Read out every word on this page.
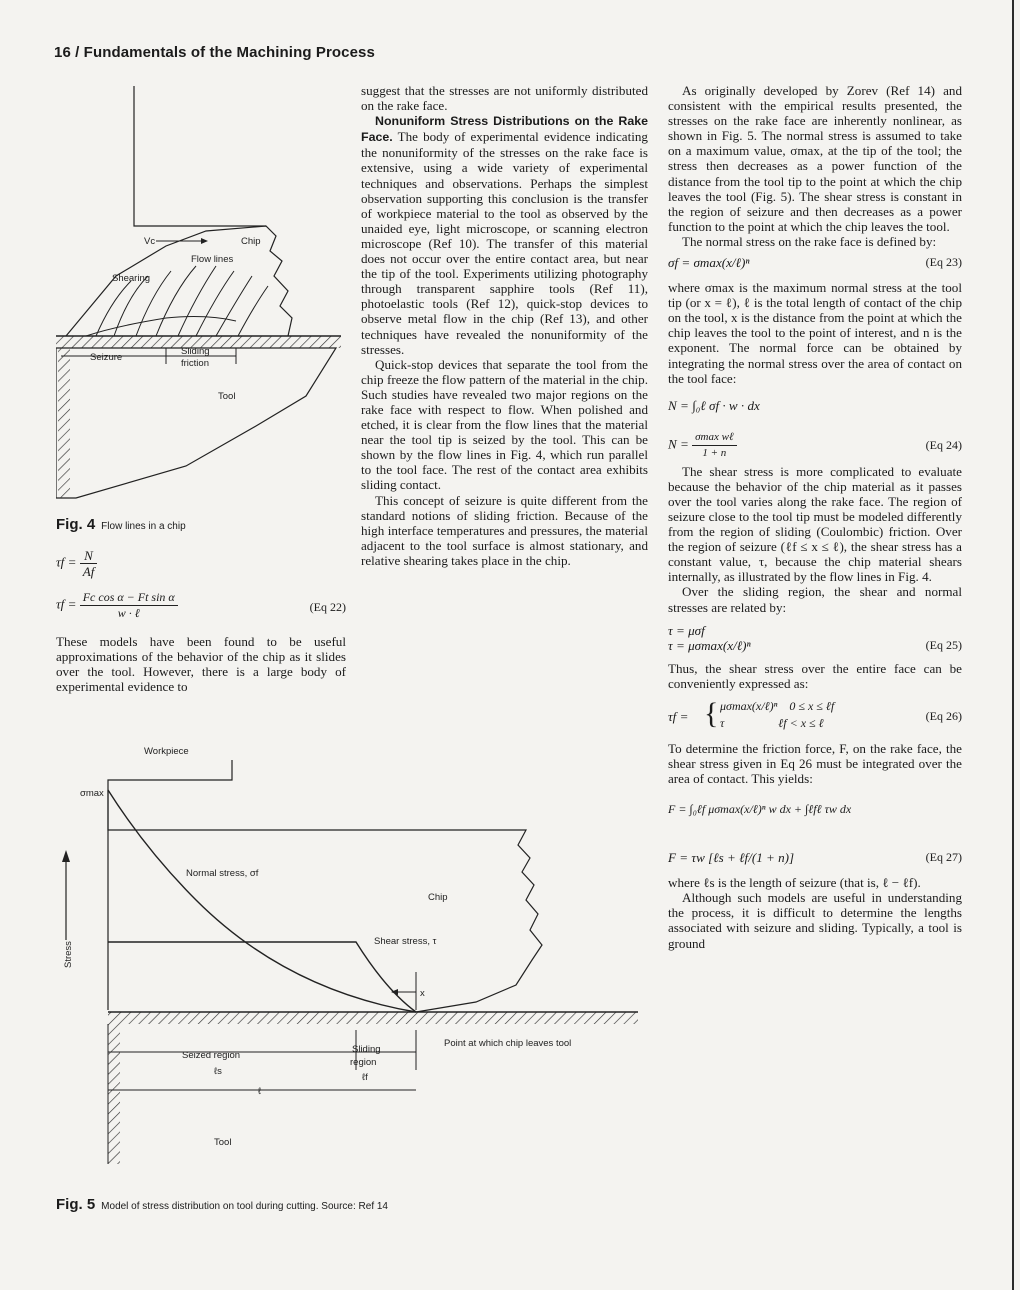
16 / Fundamentals of the Machining Process
Vc	Chip
Flow lines
Shearing
Seizure
Sliding
friction
Tool
Fig. 4 Flow lines in a chip
$\tau f = \frac{N}{Af}$
$\tau f = \frac{\text{Fc cos α − Ft sin α}}{\text{w · ℓ}}$	(Eq 22)

These models have been found to be useful approximations of the behavior of the chip as it slides over the tool. However, there is a large body of experimental evidence to

suggest that the stresses are not uniformly distributed on the rake face.

Nonuniform Stress Distributions on the Rake Face. The body of experimental evidence indicating the nonuniformity of the stresses on the rake face is extensive, using a wide variety of experimental techniques and observations. Perhaps the simplest observation supporting this conclusion is the transfer of workpiece material to the tool as observed by the unaided eye, light microscope, or scanning electron microscope (Ref 10). The transfer of this material does not occur over the entire contact area, but near the tip of the tool. Experiments utilizing photography through transparent sapphire tools (Ref 11), photoelastic tools (Ref 12), quick-stop devices to observe metal flow in the chip (Ref 13), and other techniques have revealed the nonuniformity of the stresses.

Quick-stop devices that separate the tool from the chip freeze the flow pattern of the material in the chip. Such studies have revealed two major regions on the rake face with respect to flow. When polished and etched, it is clear from the flow lines that the material near the tool tip is seized by the tool. This can be shown by the flow lines in Fig. 4, which run parallel to the tool face. The rest of the contact area exhibits sliding contact.

This concept of seizure is quite different from the standard notions of sliding friction. Because of the high interface temperatures and pressures, the material adjacent to the tool surface is almost stationary, and relative shearing takes place in the chip.

As originally developed by Zorev (Ref 14) and consistent with the empirical results presented, the stresses on the rake face are inherently nonlinear, as shown in Fig. 5. The normal stress is assumed to take on a maximum value, σmax, at the tip of the tool; the stress then decreases as a power function of the distance from the tool tip to the point at which the chip leaves the tool (Fig. 5). The shear stress is constant in the region of seizure and then decreases as a power function to the point at which the chip leaves the tool.

The normal stress on the rake face is defined by:

σf = σmax(x/ℓ)ⁿ	(Eq 23)

where σmax is the maximum normal stress at the tool tip (or x = ℓ), ℓ is the total length of contact of the chip on the tool, x is the distance from the point at which the chip leaves the tool to the point of interest, and n is the exponent. The normal force can be obtained by integrating the normal stress over the area of contact on the tool face:

N = ∫₀ℓ σf · w · dx
$N = \frac{\text{σmax wℓ}}{1 + n}$	(Eq 24)

The shear stress is more complicated to evaluate because the behavior of the chip material as it passes over the tool varies along the rake face. The region of seizure close to the tool tip must be modeled differently from the region of sliding (Coulombic) friction. Over the region of seizure (ℓf ≤ x ≤ ℓ), the shear stress has a constant value, τ, because the chip material shears internally, as illustrated by the flow lines in Fig. 4.

Over the sliding region, the shear and normal stresses are related by:

τ = μσf
τ = μσmax(x/ℓ)ⁿ	(Eq 25)

Thus, the shear stress over the entire face can be conveniently expressed as:

τf = { μσmax(x/ℓ)ⁿ    0 ≤ x ≤ ℓf
τ                  ℓf < x ≤ ℓ	(Eq 26)

To determine the friction force, F, on the rake face, the shear stress given in Eq 26 must be integrated over the area of contact. This yields:

F = ∫₀ℓf μσmax(x/ℓ)ⁿ w dx + ∫ℓfℓ τw dx
F = τw [ℓs + ℓf/(1 + n)]	(Eq 27)

where ℓs is the length of seizure (that is, ℓ − ℓf).

Although such models are useful in understanding the process, it is difficult to determine the lengths associated with seizure and sliding. Typically, a tool is ground

Stress
Workpiece
σmax
Normal stress, σf
Chip
Shear stress, τ
x
Point at which chip leaves tool
Seized region
ℓs
Sliding
region
ℓf
ℓ
Tool
Fig. 5 Model of stress distribution on tool during cutting. Source: Ref 14
